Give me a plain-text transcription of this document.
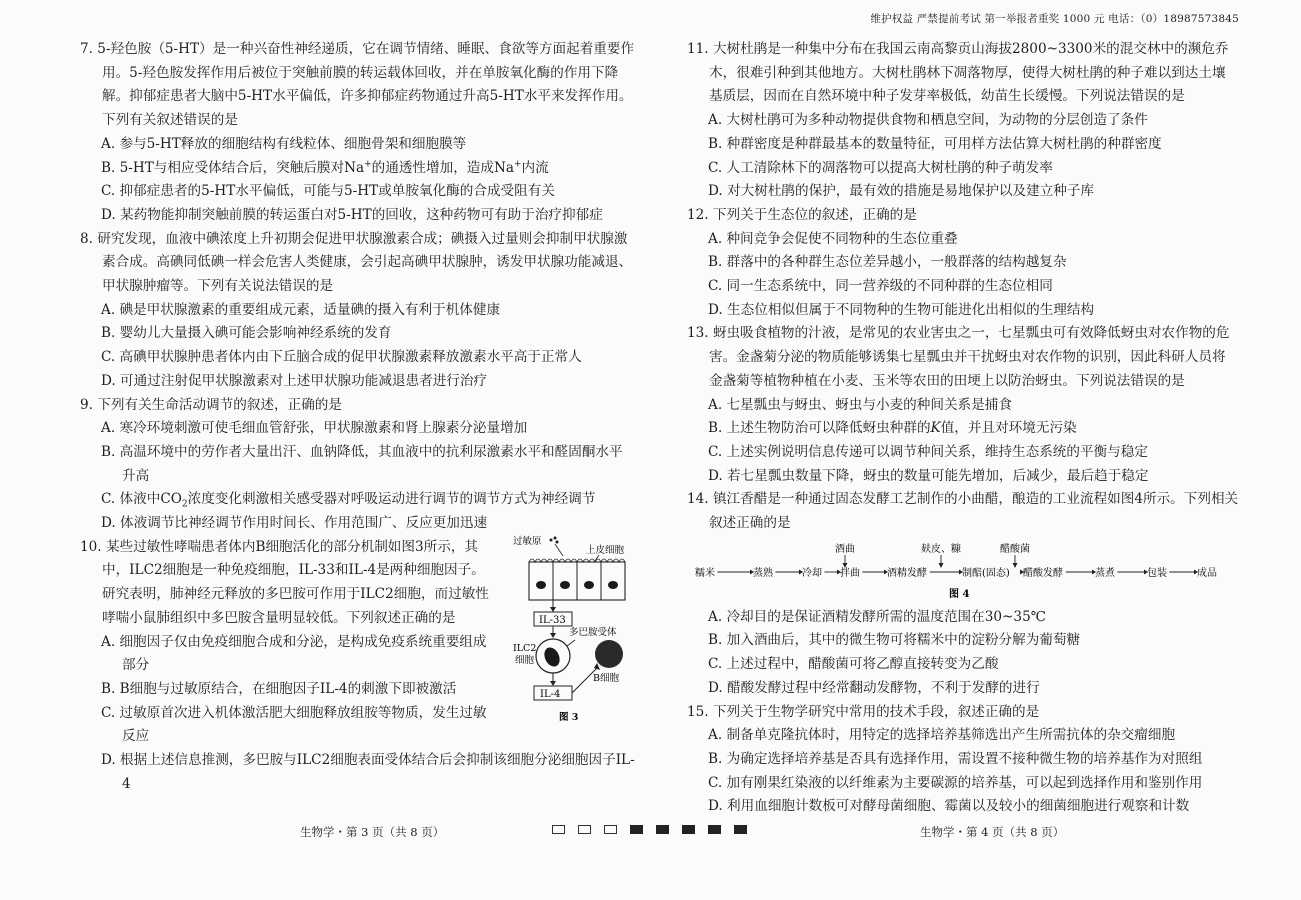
维护权益 严禁提前考试 第一举报者重奖 1000 元 电话：（0）18987573845
7. 5-羟色胺（5-HT）是一种兴奋性神经递质，它在调节情绪、睡眠、食欲等方面起着重要作用。5-羟色胺发挥作用后被位于突触前膜的转运载体回收，并在单胺氧化酶的作用下降解。抑郁症患者大脑中5-HT水平偏低，许多抑郁症药物通过升高5-HT水平来发挥作用。下列有关叙述错误的是
A. 参与5-HT释放的细胞结构有线粒体、细胞骨架和细胞膜等
B. 5-HT与相应受体结合后，突触后膜对Na+的通透性增加，造成Na+内流
C. 抑郁症患者的5-HT水平偏低，可能与5-HT或单胺氧化酶的合成受阻有关
D. 某药物能抑制突触前膜的转运蛋白对5-HT的回收，这种药物可有助于治疗抑郁症
8. 研究发现，血液中碘浓度上升初期会促进甲状腺激素合成；碘摄入过量则会抑制甲状腺激素合成。高碘同低碘一样会危害人类健康，会引起高碘甲状腺肿，诱发甲状腺功能减退、甲状腺肿瘤等。下列有关说法错误的是
A. 碘是甲状腺激素的重要组成元素，适量碘的摄入有利于机体健康
B. 婴幼儿大量摄入碘可能会影响神经系统的发育
C. 高碘甲状腺肿患者体内由下丘脑合成的促甲状腺激素释放激素水平高于正常人
D. 可通过注射促甲状腺激素对上述甲状腺功能减退患者进行治疗
9. 下列有关生命活动调节的叙述，正确的是
A. 寒冷环境刺激可使毛细血管舒张，甲状腺激素和肾上腺素分泌量增加
B. 高温环境中的劳作者大量出汗、血钠降低，其血液中的抗利尿激素水平和醛固酮水平升高
C. 体液中$CO_2$浓度变化刺激相关感受器对呼吸运动进行调节的调节方式为神经调节
D. 体液调节比神经调节作用时间长、作用范围广、反应更加迅速
10. 某些过敏性哮喘患者体内B细胞活化的部分机制如图3所示，其中，ILC2细胞是一种免疫细胞，IL-33和IL-4是两种细胞因子。研究表明，肺神经元释放的多巴胺可作用于ILC2细胞，而过敏性哮喘小鼠肺组织中多巴胺含量明显较低。下列叙述正确的是
A. 细胞因子仅由免疫细胞合成和分泌，是构成免疫系统重要组成部分
B. B细胞与过敏原结合，在细胞因子IL-4的刺激下即被激活
C. 过敏原首次进入机体激活肥大细胞释放组胺等物质，发生过敏反应
D. 根据上述信息推测，多巴胺与ILC2细胞表面受体结合后会抑制该细胞分泌细胞因子IL-4
过敏原
上皮细胞
IL-33
多巴胺受体
B细胞
ILC2
细胞
IL-4
图 3
11. 大树杜鹃是一种集中分布在我国云南高黎贡山海拔2800~3300米的混交林中的濒危乔木，很难引种到其他地方。大树杜鹃林下凋落物厚，使得大树杜鹃的种子难以到达土壤基质层，因而在自然环境中种子发芽率极低，幼苗生长缓慢。下列说法错误的是
A. 大树杜鹃可为多种动物提供食物和栖息空间，为动物的分层创造了条件
B. 种群密度是种群最基本的数量特征，可用样方法估算大树杜鹃的种群密度
C. 人工清除林下的凋落物可以提高大树杜鹃的种子萌发率
D. 对大树杜鹃的保护，最有效的措施是易地保护以及建立种子库
12. 下列关于生态位的叙述，正确的是
A. 种间竞争会促使不同物种的生态位重叠
B. 群落中的各种群生态位差异越小，一般群落的结构越复杂
C. 同一生态系统中，同一营养级的不同种群的生态位相同
D. 生态位相似但属于不同物种的生物可能进化出相似的生理结构
13. 蚜虫吸食植物的汁液，是常见的农业害虫之一，七星瓢虫可有效降低蚜虫对农作物的危害。金盏菊分泌的物质能够诱集七星瓢虫并干扰蚜虫对农作物的识别，因此科研人员将金盏菊等植物种植在小麦、玉米等农田的田埂上以防治蚜虫。下列说法错误的是
A. 七星瓢虫与蚜虫、蚜虫与小麦的种间关系是捕食
B. 上述生物防治可以降低蚜虫种群的K值，并且对环境无污染
C. 上述实例说明信息传递可以调节种间关系，维持生态系统的平衡与稳定
D. 若七星瓢虫数量下降，蚜虫的数量可能先增加，后减少，最后趋于稳定
14. 镇江香醋是一种通过固态发酵工艺制作的小曲醋，酿造的工业流程如图4所示。下列相关叙述正确的是
糯米	蒸熟	冷却 拌曲	酒精发酵	制醅(固态) 醋酸发酵	蒸煮	包装	成品
酒曲	麸皮、糠	醋酸菌
图 4
A. 冷却目的是保证酒精发酵所需的温度范围在30~35℃
B. 加入酒曲后，其中的微生物可将糯米中的淀粉分解为葡萄糖
C. 上述过程中，醋酸菌可将乙醇直接转变为乙酸
D. 醋酸发酵过程中经常翻动发酵物，不利于发酵的进行
15. 下列关于生物学研究中常用的技术手段，叙述正确的是
A. 制备单克隆抗体时，用特定的选择培养基筛选出产生所需抗体的杂交瘤细胞
B. 为确定选择培养基是否具有选择作用，需设置不接种微生物的培养基作为对照组
C. 加有刚果红染液的以纤维素为主要碳源的培养基，可以起到选择作用和鉴别作用
D. 利用血细胞计数板可对酵母菌细胞、霉菌以及较小的细菌细胞进行观察和计数
生物学・第 3 页（共 8 页）	生物学・第 4 页（共 8 页）
